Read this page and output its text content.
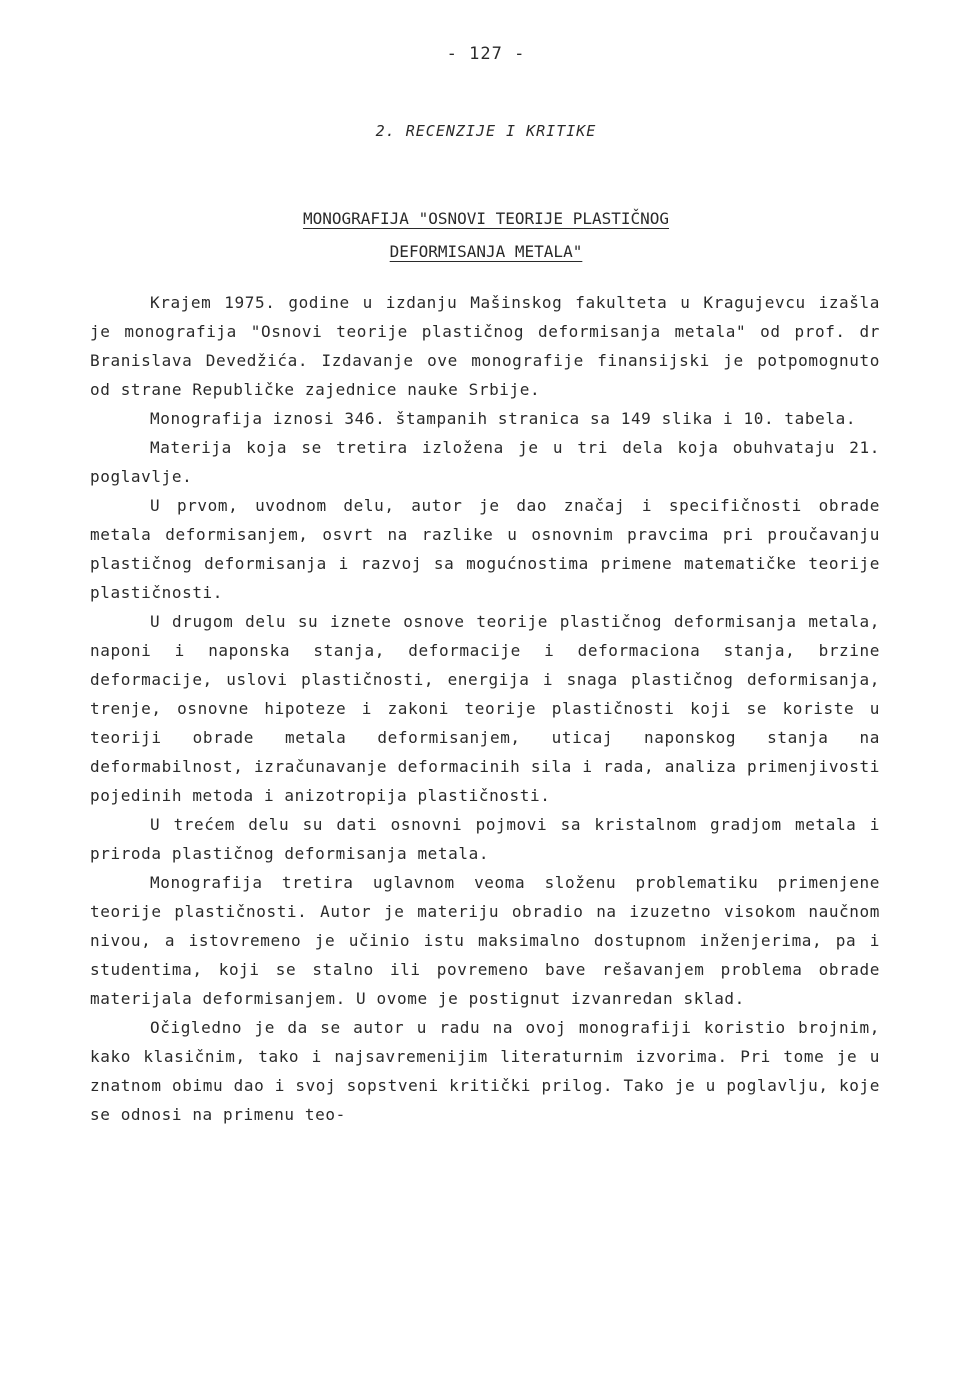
- 127 -
2. RECENZIJE I KRITIKE
MONOGRAFIJA "OSNOVI TEORIJE PLASTIČNOG
DEFORMISANJA METALA"

Krajem 1975. godine u izdanju Mašinskog fakulteta u Kragujevcu izašla je monografija "Osnovi teorije plastičnog deformisanja metala" od prof. dr Branislava Devedžića. Izdavanje ove monografije finansijski je potpomognuto od strane Republičke zajednice nauke Srbije.

Monografija iznosi 346. štampanih stranica sa 149 slika i 10. tabela.

Materija koja se tretira izložena je u tri dela koja obuhvataju 21. poglavlje.

U prvom, uvodnom delu, autor je dao značaj i specifičnosti obrade metala deformisanjem, osvrt na razlike u osnovnim pravcima pri proučavanju plastičnog deformisanja i razvoj sa mogućnostima primene matematičke teorije plastičnosti.

U drugom delu su iznete osnove teorije plastičnog deformisanja metala, naponi i naponska stanja, deformacije i deformaciona stanja, brzine deformacije, uslovi plastičnosti, energija i snaga plastičnog deformisanja, trenje, osnovne hipoteze i zakoni teorije plastičnosti koji se koriste u teoriji obrade metala deformisanjem, uticaj naponskog stanja na deformabilnost, izračunavanje deformacinih sila i rada, analiza primenjivosti pojedinih metoda i anizotropija plastičnosti.

U trećem delu su dati osnovni pojmovi sa kristalnom gradjom metala i priroda plastičnog deformisanja metala.

Monografija tretira uglavnom veoma složenu problematiku primenjene teorije plastičnosti. Autor je materiju obradio na izuzetno visokom naučnom nivou, a istovremeno je učinio istu maksimalno dostupnom inženjerima, pa i studentima, koji se stalno ili povremeno bave rešavanjem problema obrade materijala deformisanjem. U ovome je postignut izvanredan sklad.

Očigledno je da se autor u radu na ovoj monografiji koristio brojnim, kako klasičnim, tako i najsavremenijim literaturnim izvorima. Pri tome je u znatnom obimu dao i svoj sopstveni kritički prilog. Tako je u poglavlju, koje se odnosi na primenu teo-
